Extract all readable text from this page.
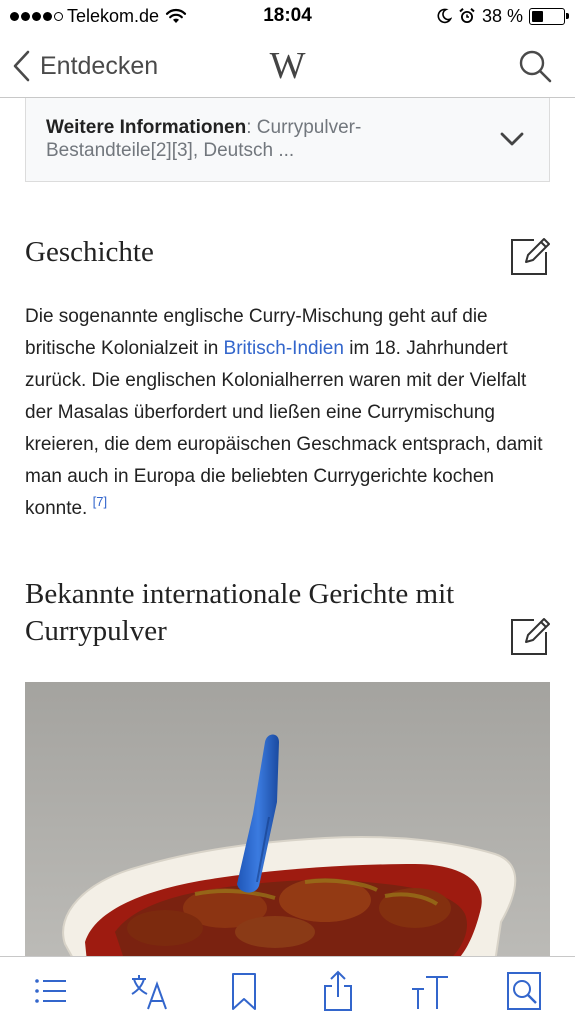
Telekom.de	18:04	38 %
Entdecken	W
Weitere Informationen: Currypulver-Bestandteile[2][3], Deutsch ...
Geschichte

Die sogenannte englische Curry-Mischung geht auf die britische Kolonialzeit in Britisch-Indien im 18. Jahrhundert zurück. Die englischen Kolonialherren waren mit der Vielfalt der Masalas überfordert und ließen eine Currymischung kreieren, die dem europäischen Geschmack entsprach, damit man auch in Europa die beliebten Currygerichte kochen konnte. [7]

Bekannte internationale Gerichte mit Currypulver
